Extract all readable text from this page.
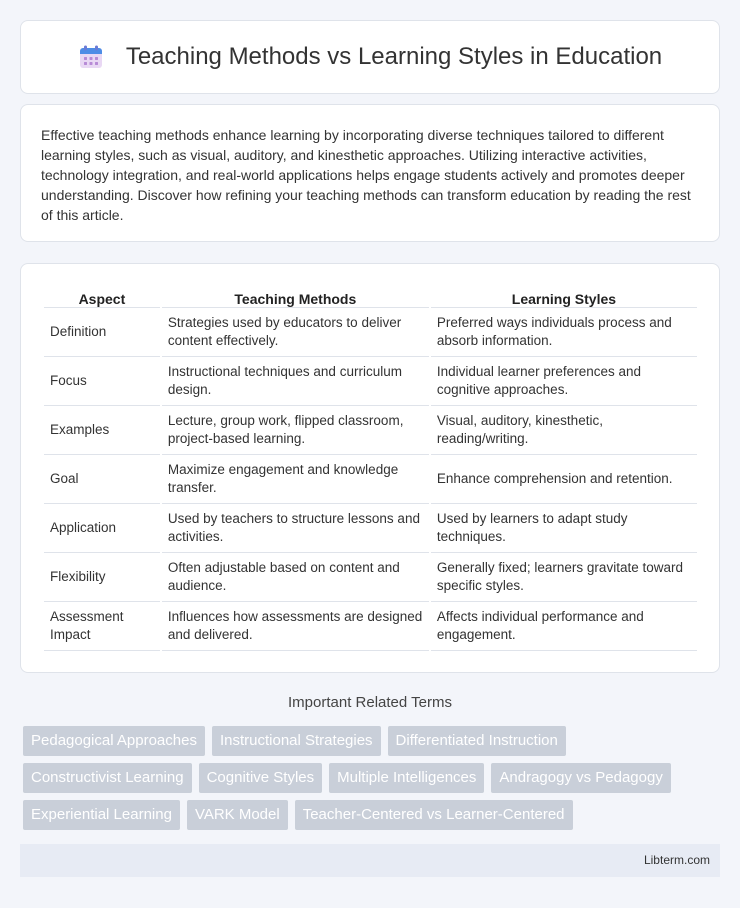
Teaching Methods vs Learning Styles in Education

Effective teaching methods enhance learning by incorporating diverse techniques tailored to different learning styles, such as visual, auditory, and kinesthetic approaches. Utilizing interactive activities, technology integration, and real-world applications helps engage students actively and promotes deeper understanding. Discover how refining your teaching methods can transform education by reading the rest of this article.

Aspect	Teaching Methods	Learning Styles
Definition	Strategies used by educators to deliver content effectively.	Preferred ways individuals process and absorb information.
Focus	Instructional techniques and curriculum design.	Individual learner preferences and cognitive approaches.
Examples	Lecture, group work, flipped classroom, project-based learning.	Visual, auditory, kinesthetic, reading/writing.
Goal	Maximize engagement and knowledge transfer.	Enhance comprehension and retention.
Application	Used by teachers to structure lessons and activities.	Used by learners to adapt study techniques.
Flexibility	Often adjustable based on content and audience.	Generally fixed; learners gravitate toward specific styles.
Assessment Impact	Influences how assessments are designed and delivered.	Affects individual performance and engagement.
Important Related Terms
Pedagogical Approaches	Instructional Strategies	Differentiated Instruction
Constructivist Learning	Cognitive Styles	Multiple Intelligences	Andragogy vs Pedagogy
Experiential Learning	VARK Model	Teacher-Centered vs Learner-Centered
Libterm.com
